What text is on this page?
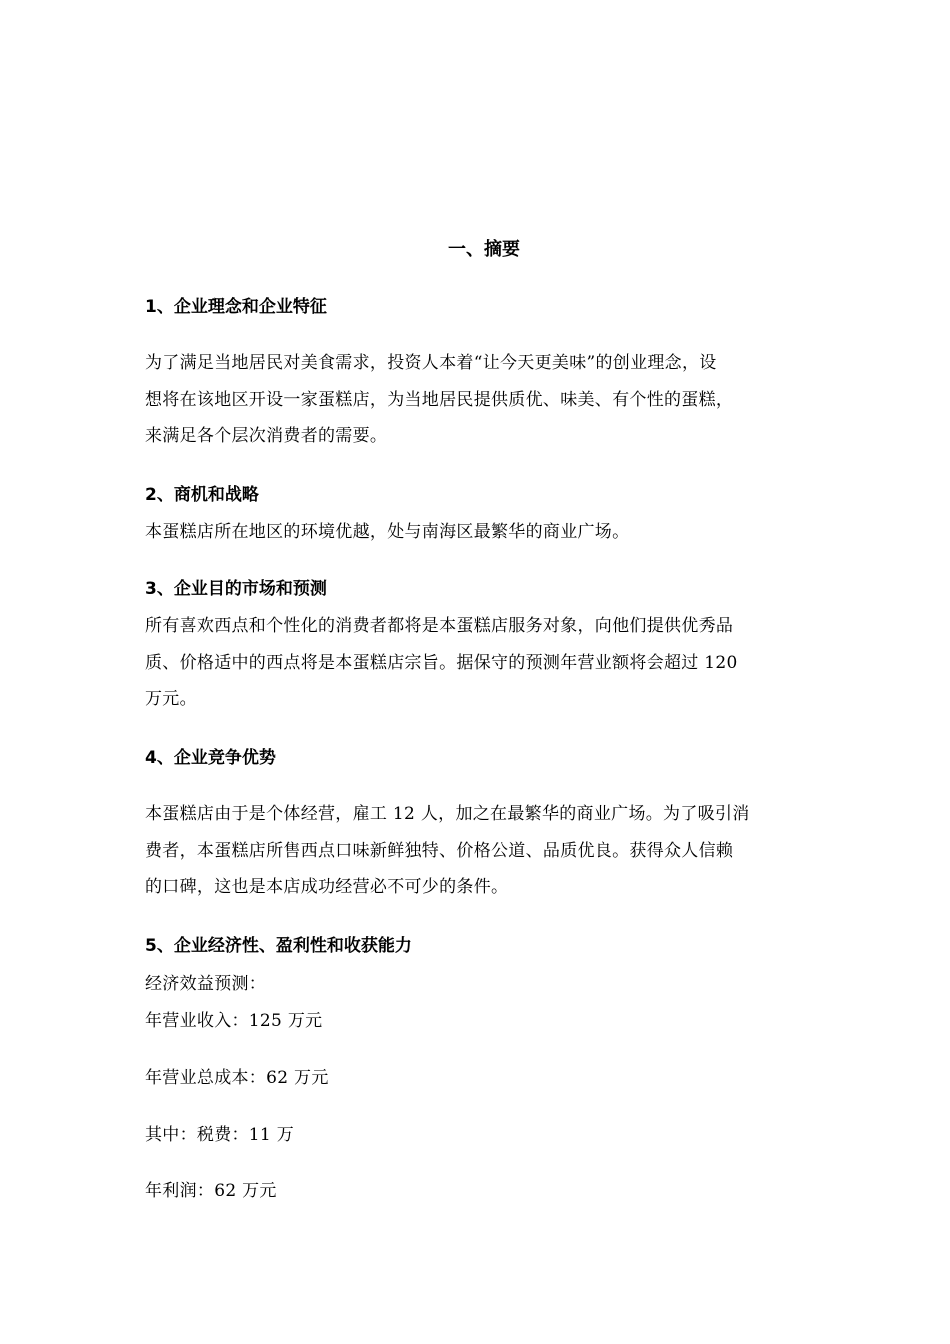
一、摘要
1、企业理念和企业特征
为了满足当地居民对美食需求，投资人本着“让今天更美味”的创业理念，设
想将在该地区开设一家蛋糕店，为当地居民提供质优、味美、有个性的蛋糕，
来满足各个层次消费者的需要。
2、商机和战略
本蛋糕店所在地区的环境优越，处与南海区最繁华的商业广场。
3、企业目的市场和预测
所有喜欢西点和个性化的消费者都将是本蛋糕店服务对象，向他们提供优秀品
质、价格适中的西点将是本蛋糕店宗旨。据保守的预测年营业额将会超过 120
万元。
4、企业竞争优势
本蛋糕店由于是个体经营，雇工 12 人，加之在最繁华的商业广场。为了吸引消
费者，本蛋糕店所售西点口味新鲜独特、价格公道、品质优良。获得众人信赖
的口碑，这也是本店成功经营必不可少的条件。
5、企业经济性、盈利性和收获能力
经济效益预测：
年营业收入：125 万元
年营业总成本：62 万元
其中：税费：11 万
年利润：62 万元
